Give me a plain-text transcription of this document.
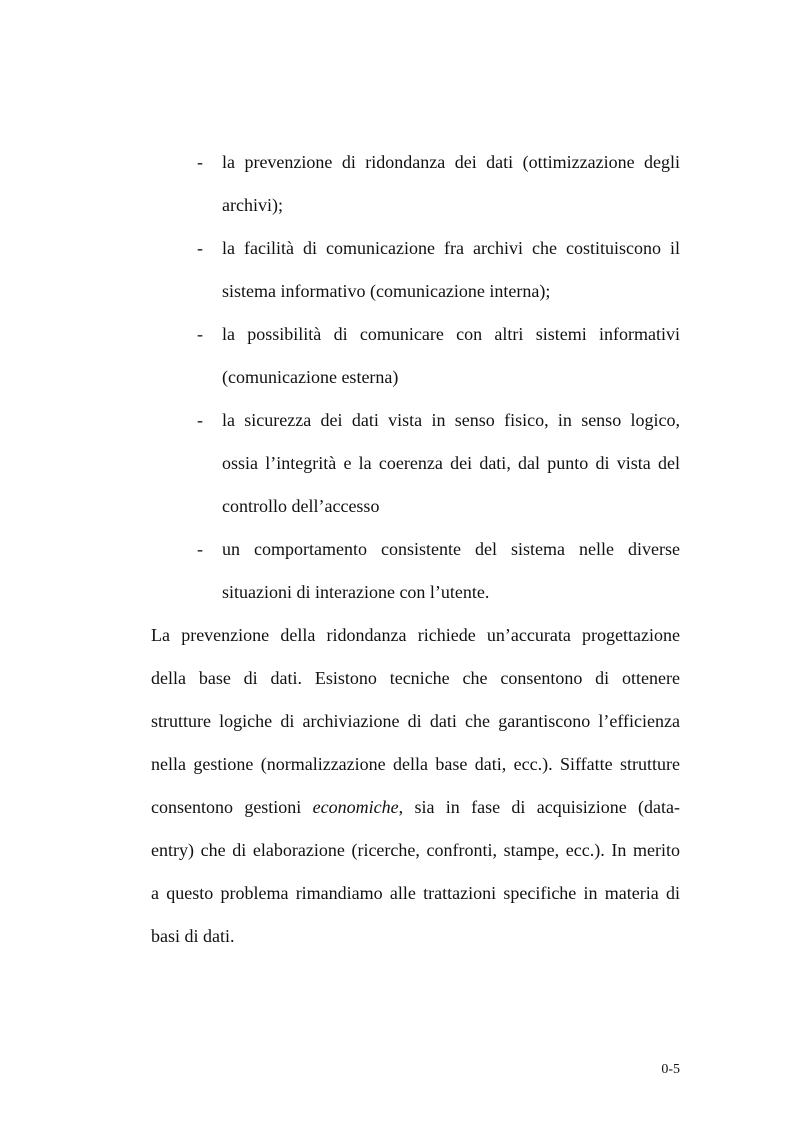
- la prevenzione di ridondanza dei dati (ottimizzazione degli
archivi);
- la facilità di comunicazione fra archivi che costituiscono il
sistema informativo (comunicazione interna);
- la possibilità di comunicare con altri sistemi informativi
(comunicazione esterna)
- la sicurezza dei dati vista in senso fisico, in senso logico,
ossia l’integrità e la coerenza dei dati, dal punto di vista del
controllo dell’accesso
- un comportamento consistente del sistema nelle diverse
situazioni di interazione con l’utente.
La prevenzione della ridondanza richiede un’accurata progettazione
della base di dati. Esistono tecniche che consentono di ottenere
strutture logiche di archiviazione di dati che garantiscono l’efficienza
nella gestione (normalizzazione della base dati, ecc.). Siffatte strutture
consentono gestioni economiche, sia in fase di acquisizione (data-
entry) che di elaborazione (ricerche, confronti, stampe, ecc.). In merito
a questo problema rimandiamo alle trattazioni specifiche in materia di
basi di dati.
0-5
